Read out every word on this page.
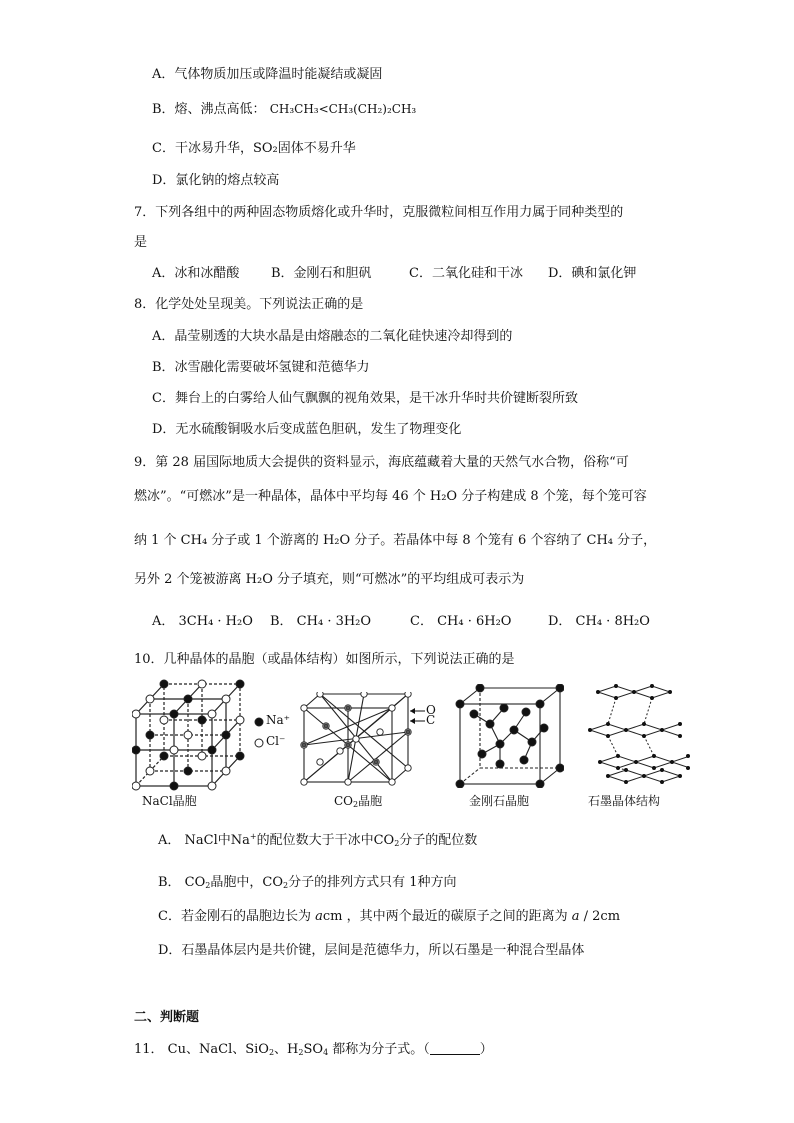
A．气体物质加压或降温时能凝结或凝固
B．熔、沸点高低： CH₃CH₃<CH₃(CH₂)₂CH₃
C．干冰易升华，SO₂固体不易升华
D．氯化钠的熔点较高
7．下列各组中的两种固态物质熔化或升华时，克服微粒间相互作用力属于同种类型的
是
A．冰和冰醋酸 B．金刚石和胆矾	C．二氧化硅和干冰 D．碘和氯化钾
8．化学处处呈现美。下列说法正确的是
A．晶莹剔透的大块水晶是由熔融态的二氧化硅快速冷却得到的
B．冰雪融化需要破坏氢键和范德华力
C．舞台上的白雾给人仙气飘飘的视角效果，是干冰升华时共价键断裂所致
D．无水硫酸铜吸水后变成蓝色胆矾，发生了物理变化
9．第 28 届国际地质大会提供的资料显示，海底蕴藏着大量的天然气水合物，俗称“可
燃冰”。“可燃冰”是一种晶体，晶体中平均每 46 个 H₂O 分子构建成 8 个笼，每个笼可容
纳 1 个 CH₄ 分子或 1 个游离的 H₂O 分子。若晶体中每 8 个笼有 6 个容纳了 CH₄ 分子，
另外 2 个笼被游离 H₂O 分子填充，则“可燃冰”的平均组成可表示为
A． 3CH₄ · H₂O B． CH₄ · 3H₂O	C． CH₄ · 6H₂O	D． CH₄ · 8H₂O
10．几种晶体的晶胞（或晶体结构）如图所示，下列说法正确的是
Na⁺
Cl⁻
NaCl晶胞
O
C
$CO_2$晶胞	金刚石晶胞	石墨晶体结构
A． NaCl中Na+的配位数大于干冰中$CO_2$分子的配位数
B． $CO_2$晶胞中，$CO_2$分子的排列方式只有 1种方向
C．若金刚石的晶胞边长为 acm ，其中两个最近的碳原子之间的距离为 a / 2cm
D．石墨晶体层内是共价键，层间是范德华力，所以石墨是一种混合型晶体
二、判断题
11． Cu、NaCl、SiO$_2$、$H_2SO_4$ 都称为分子式。（	）
